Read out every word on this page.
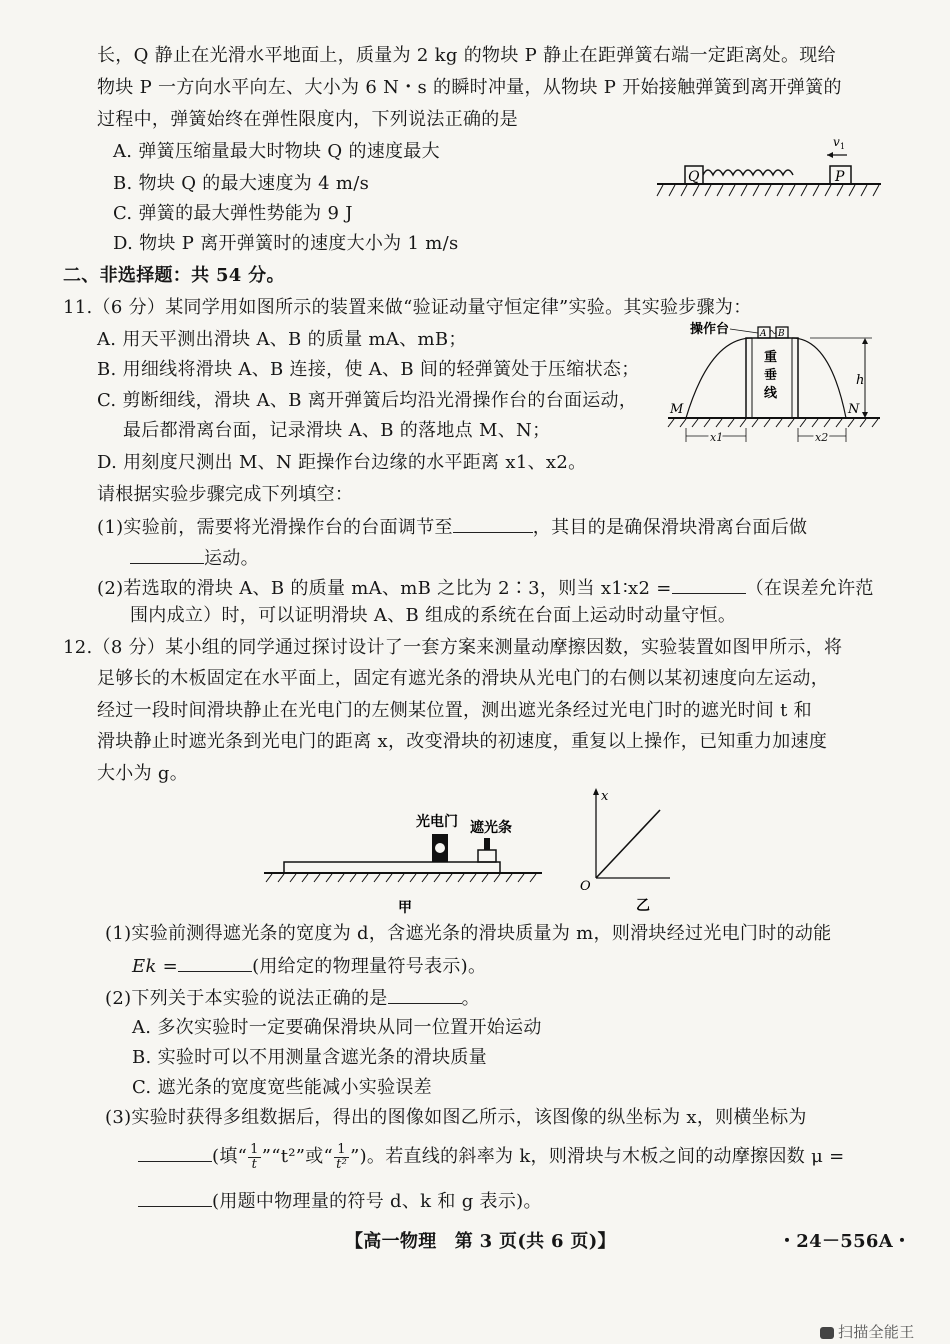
长，Q 静止在光滑水平地面上，质量为 2 kg 的物块 P 静止在距弹簧右端一定距离处。现给
物块 P 一方向水平向左、大小为 6 N・s 的瞬时冲量，从物块 P 开始接触弹簧到离开弹簧的
过程中，弹簧始终在弹性限度内，下列说法正确的是
A. 弹簧压缩量最大时物块 Q 的速度最大
B. 物块 Q 的最大速度为 4 m/s
C. 弹簧的最大弹性势能为 9 J
D. 物块 P 离开弹簧时的速度大小为 1 m/s
Q	P
v 1
二、非选择题：共 54 分。
11.（6 分）某同学用如图所示的装置来做“验证动量守恒定律”实验。其实验步骤为：
A. 用天平测出滑块 A、B 的质量 mA、mB；
B. 用细线将滑块 A、B 连接，使 A、B 间的轻弹簧处于压缩状态；
C. 剪断细线，滑块 A、B 离开弹簧后均沿光滑操作台的台面运动，
最后都滑离台面，记录滑块 A、B 的落地点 M、N；
D. 用刻度尺测出 M、N 距操作台边缘的水平距离 x1、x2。
请根据实验步骤完成下列填空：
(1)实验前，需要将光滑操作台的台面调节至	，其目的是确保滑块滑离台面后做
运动。
(2)若选取的滑块 A、B 的质量 mA、mB 之比为 2∶3，则当 x1∶x2 =	（在误差允许范
围内成立）时，可以证明滑块 A、B 组成的系统在台面上运动时动量守恒。
A B
操作台
重
垂
线
M	N
h
x1	x2
12.（8 分）某小组的同学通过探讨设计了一套方案来测量动摩擦因数，实验装置如图甲所示，将
足够长的木板固定在水平面上，固定有遮光条的滑块从光电门的右侧以某初速度向左运动，
经过一段时间滑块静止在光电门的左侧某位置，测出遮光条经过光电门时的遮光时间 t 和
滑块静止时遮光条到光电门的距离 x，改变滑块的初速度，重复以上操作，已知重力加速度
大小为 g。
光电门 遮光条
甲
x
O
乙
(1)实验前测得遮光条的宽度为 d，含遮光条的滑块质量为 m，则滑块经过光电门时的动能
Ek =	(用给定的物理量符号表示)。
(2)下列关于本实验的说法正确的是	。
A. 多次实验时一定要确保滑块从同一位置开始运动
B. 实验时可以不用测量含遮光条的滑块质量
C. 遮光条的宽度宽些能减小实验误差
(3)实验时获得多组数据后，得出的图像如图乙所示，该图像的纵坐标为 x，则横坐标为
(填“ $\frac{1}{t}$ ”“t²”或“ $\frac{1}{\text{t²}}$ ”)。若直线的斜率为 k，则滑块与木板之间的动摩擦因数 μ =
(用题中物理量的符号 d、k 和 g 表示)。
【高一物理　第 3 页(共 6 页)】	・24－556A・
扫描全能王
